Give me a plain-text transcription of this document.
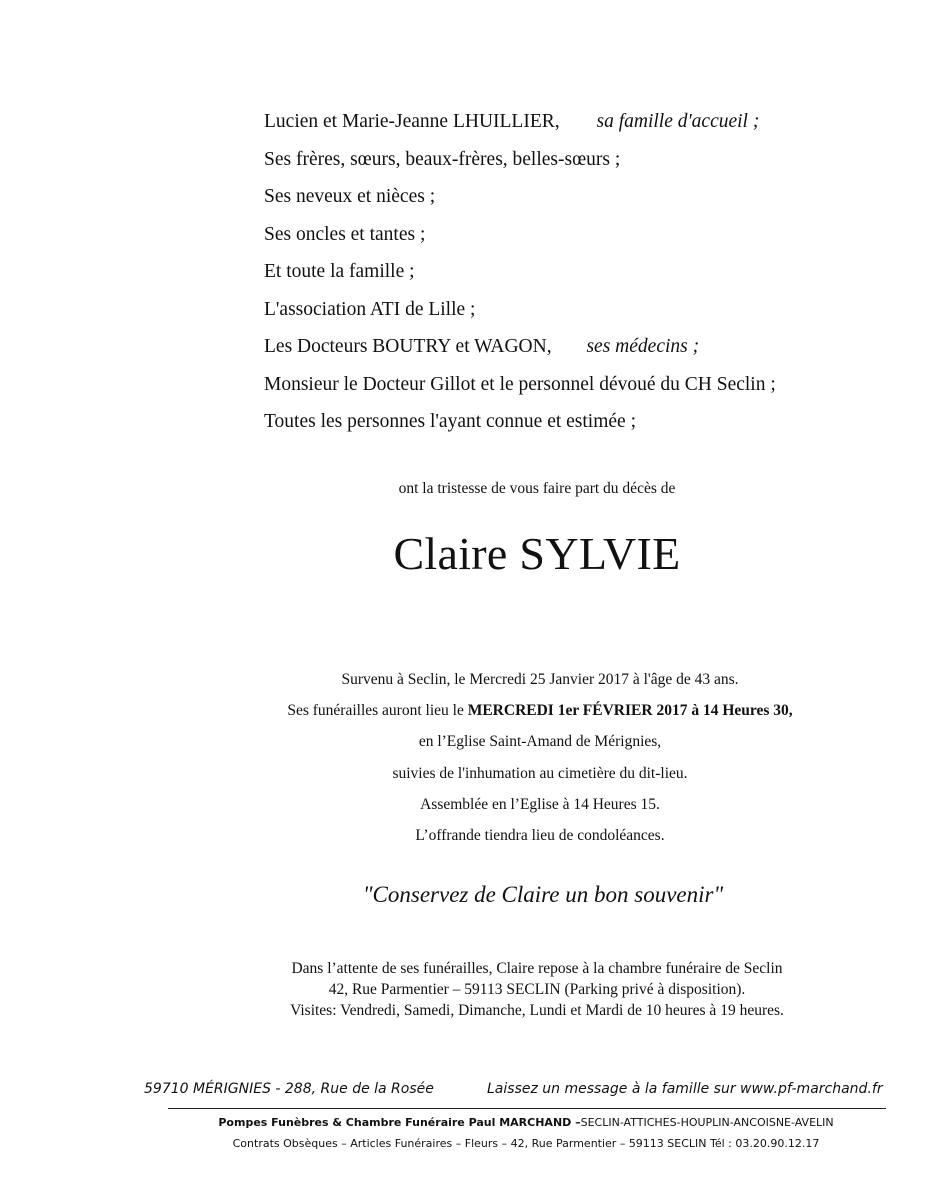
Lucien et Marie-Jeanne LHUILLIER, sa famille d'accueil ;
Ses frères, sœurs, beaux-frères, belles-sœurs ;
Ses neveux et nièces ;
Ses oncles et tantes ;
Et toute la famille ;
L'association ATI de Lille ;
Les Docteurs BOUTRY et WAGON, ses médecins ;
Monsieur le Docteur Gillot et le personnel dévoué du CH Seclin ;
Toutes les personnes l'ayant connue et estimée ;
ont la tristesse de vous faire part du décès de
Claire SYLVIE
Survenu à Seclin, le Mercredi 25 Janvier 2017 à l'âge de 43 ans.
Ses funérailles auront lieu le MERCREDI 1er FÉVRIER 2017 à 14 Heures 30,
en l’Eglise Saint-Amand de Mérignies,
suivies de l'inhumation au cimetière du dit-lieu.
Assemblée en l’Eglise à 14 Heures 15.
L’offrande tiendra lieu de condoléances.
"Conservez de Claire un bon souvenir"
Dans l’attente de ses funérailles, Claire repose à la chambre funéraire de Seclin
42, Rue Parmentier – 59113 SECLIN (Parking privé à disposition).
Visites: Vendredi, Samedi, Dimanche, Lundi et Mardi de 10 heures à 19 heures.
59710 MÉRIGNIES - 288, Rue de la Rosée	Laissez un message à la famille sur www.pf-marchand.fr
Pompes Funèbres & Chambre Funéraire Paul MARCHAND –SECLIN-ATTICHES-HOUPLIN-ANCOISNE-AVELIN
Contrats Obsèques – Articles Funéraires – Fleurs – 42, Rue Parmentier – 59113 SECLIN Tél : 03.20.90.12.17
